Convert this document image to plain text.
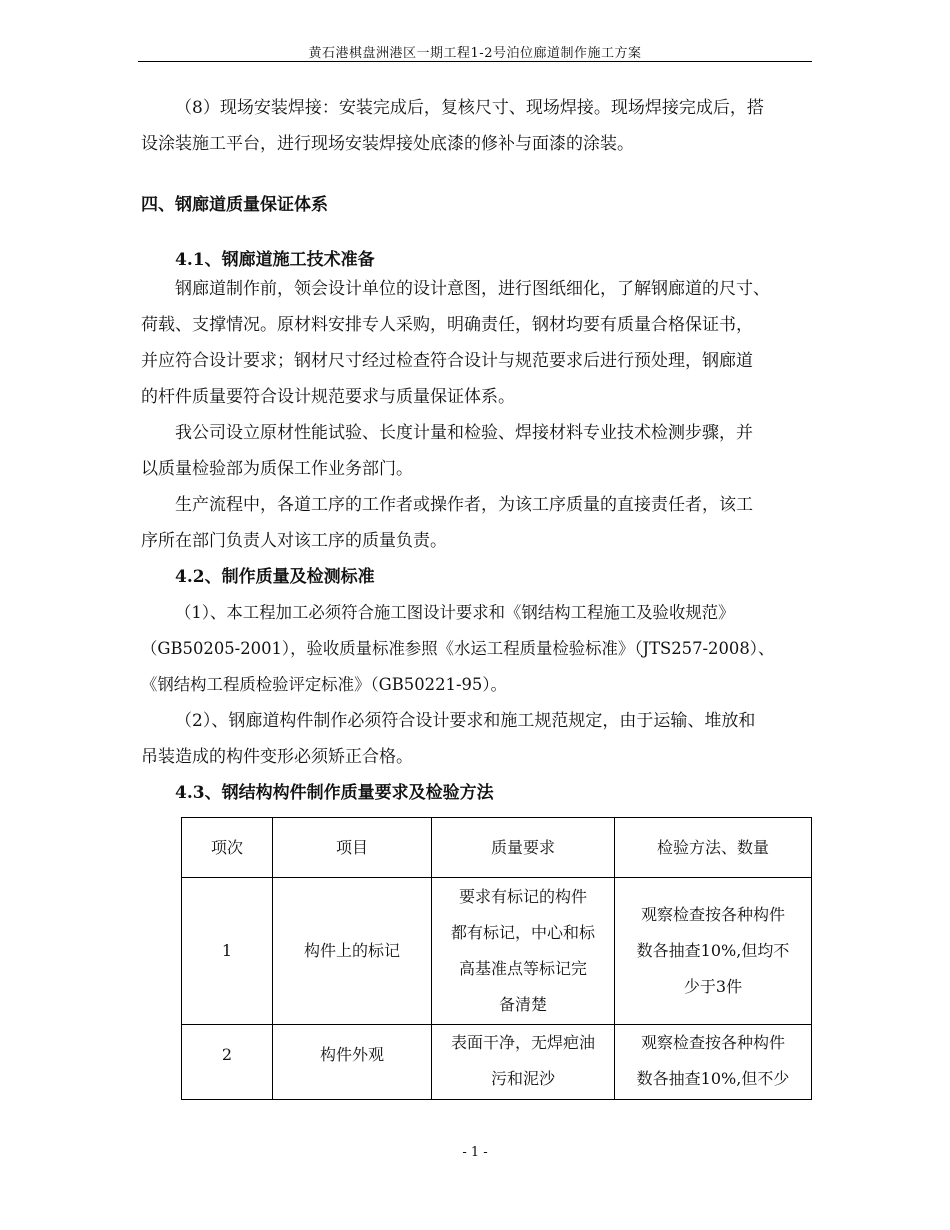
黄石港棋盘洲港区一期工程1-2号泊位廊道制作施工方案

（8）现场安装焊接：安装完成后，复核尺寸、现场焊接。现场焊接完成后，搭
设涂装施工平台，进行现场安装焊接处底漆的修补与面漆的涂装。

四、钢廊道质量保证体系

4.1、钢廊道施工技术准备

钢廊道制作前，领会设计单位的设计意图，进行图纸细化，了解钢廊道的尺寸、
荷载、支撑情况。原材料安排专人采购，明确责任，钢材均要有质量合格保证书，
并应符合设计要求；钢材尺寸经过检查符合设计与规范要求后进行预处理，钢廊道
的杆件质量要符合设计规范要求与质量保证体系。

我公司设立原材性能试验、长度计量和检验、焊接材料专业技术检测步骤，并
以质量检验部为质保工作业务部门。

生产流程中，各道工序的工作者或操作者，为该工序质量的直接责任者，该工
序所在部门负责人对该工序的质量负责。

4.2、制作质量及检测标准

（1）、本工程加工必须符合施工图设计要求和《钢结构工程施工及验收规范》
（GB50205-2001），验收质量标准参照《水运工程质量检验标准》（JTS257-2008）、
《钢结构工程质检验评定标准》（GB50221-95）。

（2）、钢廊道构件制作必须符合设计要求和施工规范规定，由于运输、堆放和
吊装造成的构件变形必须矫正合格。

4.3、钢结构构件制作质量要求及检验方法

项次	项目	质量要求	检验方法、数量
1	构件上的标记	要求有标记的构件
都有标记，中心和标
高基准点等标记完
备清楚	观察检查按各种构件
数各抽查10%,但均不
少于3件

2	构件外观	表面干净，无焊疤油
污和泥沙	观察检查按各种构件
数各抽查10%,但不少
- 1 -
